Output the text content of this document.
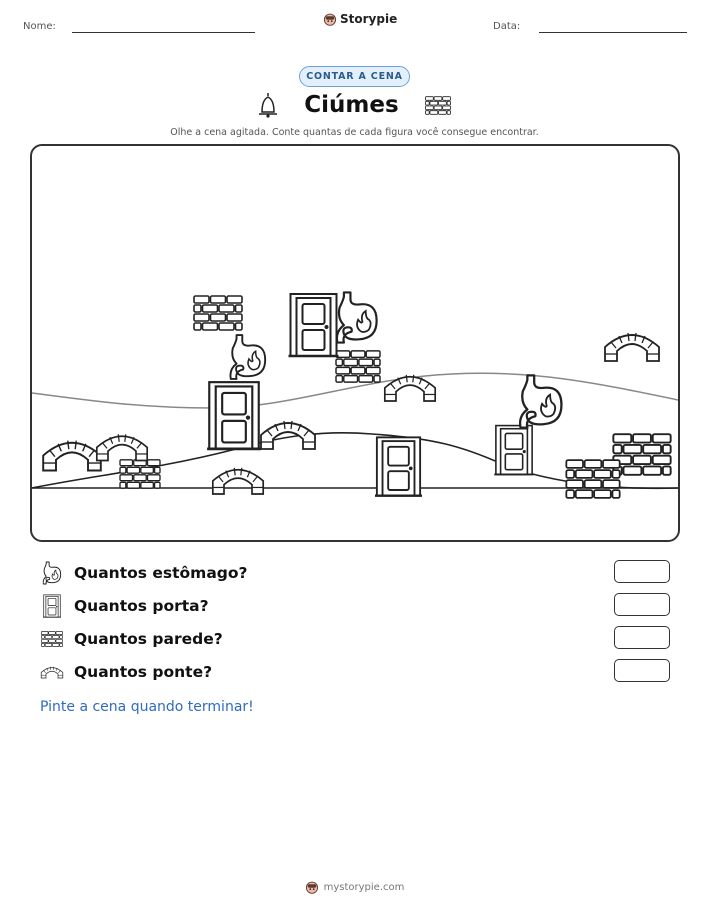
Nome:
Storypie
Data:
CONTAR A CENA
Ciúmes
Olhe a cena agitada. Conte quantas de cada figura você consegue encontrar.
Quantos estômago?
Quantos porta?
Quantos parede?
Quantos ponte?
Pinte a cena quando terminar!
mystorypie.com
